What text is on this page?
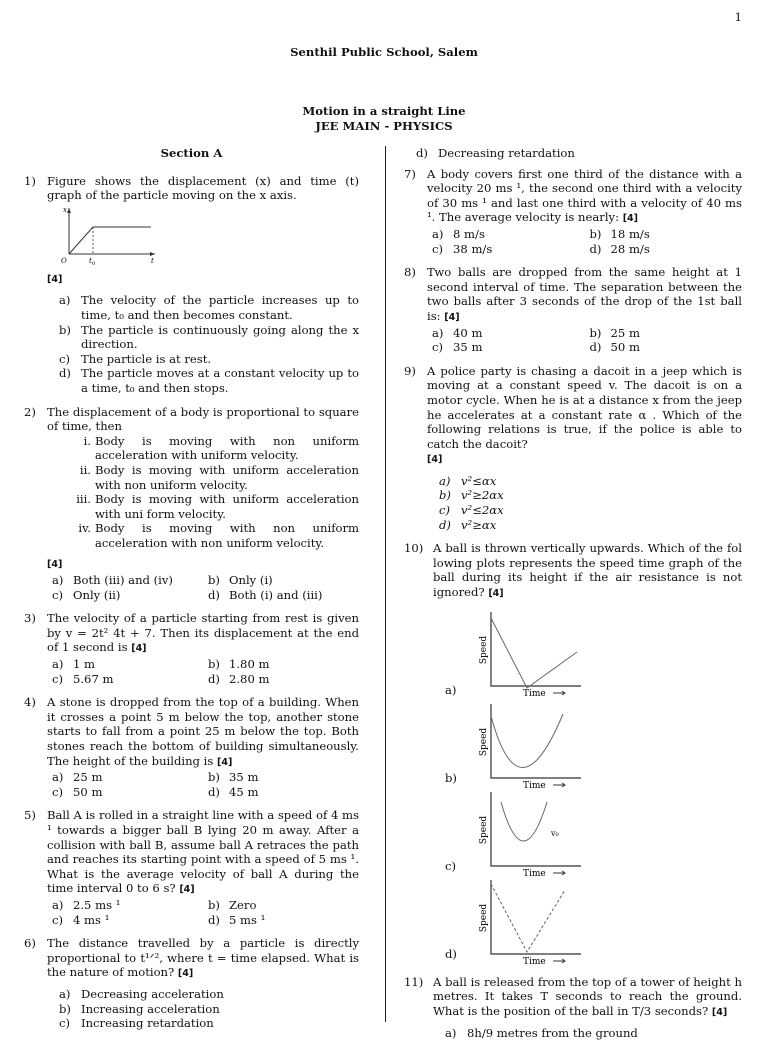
1
Senthil Public School, Salem
Motion in a straight Line
JEE MAIN - PHYSICS
Section A
1) Figure shows the displacement (x) and time (t) graph of the particle moving on the x axis.
x
O	t 0	t
[4]
a) The velocity of the particle increases up to time, t₀ and then becomes constant.
b) The particle is continuously going along the x direction.
c) The particle is at rest.
d) The particle moves at a constant velocity up to a time, t₀ and then stops.
2) The displacement of a body is proportional to square of time, then
i. Body is moving with non uniform acceleration with uniform velocity.
ii. Body is moving with uniform acceleration with non uniform velocity.
iii. Body is moving with uniform acceleration with uni form velocity.
iv. Body is moving with non uniform acceleration with non uniform velocity.
[4]
a) Both (iii) and (iv)	b) Only (i)
c) Only (ii)	d) Both (i) and (iii)
3) The velocity of a particle starting from rest is given by v = 2t² 4t + 7. Then its displacement at the end of 1 second is [4]
a) 1 m	b) 1.80 m
c) 5.67 m	d) 2.80 m
4) A stone is dropped from the top of a building. When it crosses a point 5 m below the top, another stone starts to fall from a point 25 m below the top. Both stones reach the bottom of building simultaneously. The height of the building is [4]
a) 25 m	b) 35 m
c) 50 m	d) 45 m
5) Ball A is rolled in a straight line with a speed of 4 ms ¹ towards a bigger ball B lying 20 m away. After a collision with ball B, assume ball A retraces the path and reaches its starting point with a speed of 5 ms ¹. What is the average velocity of ball A during the time interval 0 to 6 s? [4]
a) 2.5 ms ¹	b) Zero
c) 4 ms ¹	d) 5 ms ¹
6) The distance travelled by a particle is directly proportional to t¹ᐟ², where t = time elapsed. What is the nature of motion? [4]
a) Decreasing acceleration
b) Increasing acceleration
c) Increasing retardation
d) Decreasing retardation
7) A body covers first one third of the distance with a velocity 20 ms ¹, the second one third with a velocity of 30 ms ¹ and last one third with a velocity of 40 ms ¹. The average velocity is nearly: [4]
a) 8 m/s	b) 18 m/s
c) 38 m/s	d) 28 m/s
8) Two balls are dropped from the same height at 1 second interval of time. The separation between the two balls after 3 seconds of the drop of the 1st ball is: [4]
a) 40 m	b) 25 m
c) 35 m	d) 50 m
9) A police party is chasing a dacoit in a jeep which is moving at a constant speed v. The dacoit is on a motor cycle. When he is at a distance x from the jeep he accelerates at a constant rate α . Which of the following relations is true, if the police is able to catch the dacoit?
[4]
a) v²≤αx
b) v²≥2αx
c) v²≤2αx
d) v²≥αx
10) A ball is thrown vertically upwards. Which of the fol lowing plots represents the speed time graph of the ball during its height if the air resistance is not ignored? [4]
a)
Speed
Time
b)
Speed
Time
c)
Speed
Time
v₀
d)
Speed
Time
11) A ball is released from the top of a tower of height h metres. It takes T seconds to reach the ground. What is the position of the ball in T/3 seconds? [4]
a) 8h/9 metres from the ground
